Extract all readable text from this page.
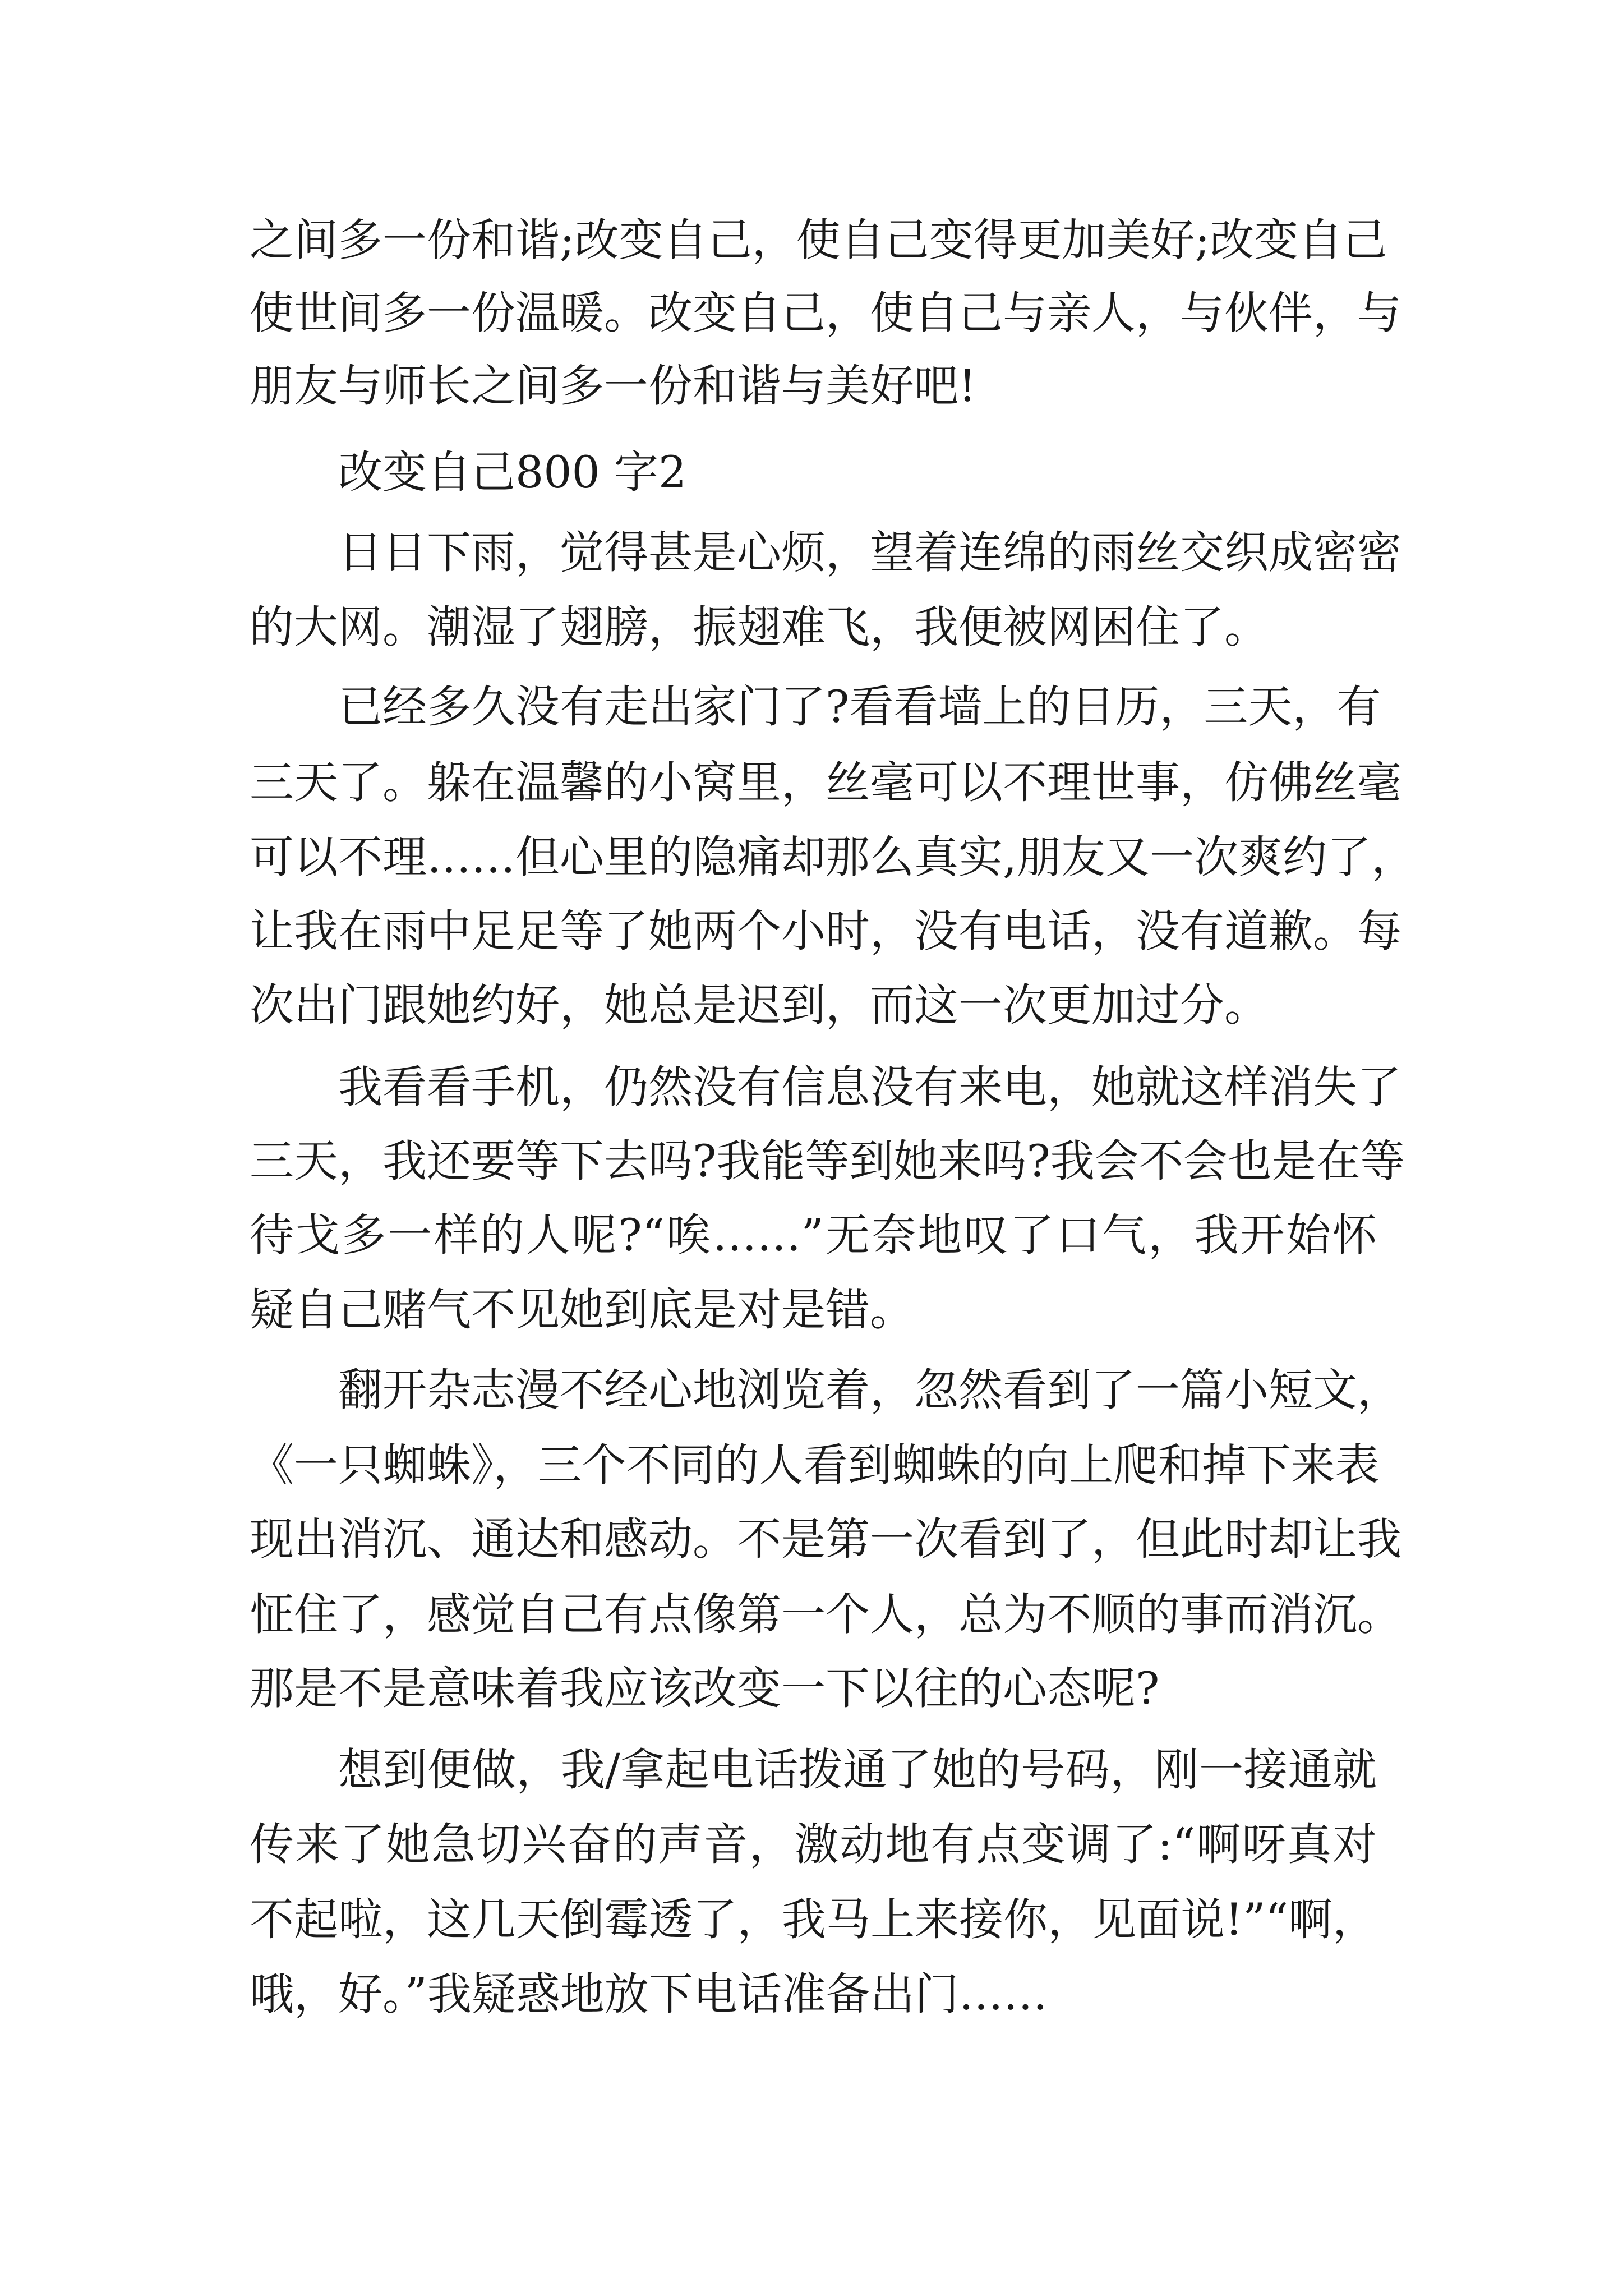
之间多一份和谐;改变自己，使自己变得更加美好;改变自己
使世间多一份温暖。改变自己，使自己与亲人，与伙伴，与
朋友与师长之间多一份和谐与美好吧!
改变自己800 字2
日日下雨，觉得甚是心烦，望着连绵的雨丝交织成密密
的大网。潮湿了翅膀，振翅难飞，我便被网困住了。
已经多久没有走出家门了?看看墙上的日历，三天，有
三天了。躲在温馨的小窝里，丝毫可以不理世事，仿佛丝毫
可以不理……但心里的隐痛却那么真实,朋友又一次爽约了，
让我在雨中足足等了她两个小时，没有电话，没有道歉。每
次出门跟她约好，她总是迟到，而这一次更加过分。
我看看手机，仍然没有信息没有来电，她就这样消失了
三天，我还要等下去吗?我能等到她来吗?我会不会也是在等
待戈多一样的人呢?“唉……”无奈地叹了口气，我开始怀
疑自己赌气不见她到底是对是错。
翻开杂志漫不经心地浏览着，忽然看到了一篇小短文，
《一只蜘蛛》，三个不同的人看到蜘蛛的向上爬和掉下来表
现出消沉、通达和感动。不是第一次看到了，但此时却让我
怔住了，感觉自己有点像第一个人，总为不顺的事而消沉。
那是不是意味着我应该改变一下以往的心态呢?
想到便做，我/拿起电话拨通了她的号码，刚一接通就
传来了她急切兴奋的声音，激动地有点变调了:“啊呀真对
不起啦，这几天倒霉透了，我马上来接你，见面说!”“啊，
哦，好。”我疑惑地放下电话准备出门……
